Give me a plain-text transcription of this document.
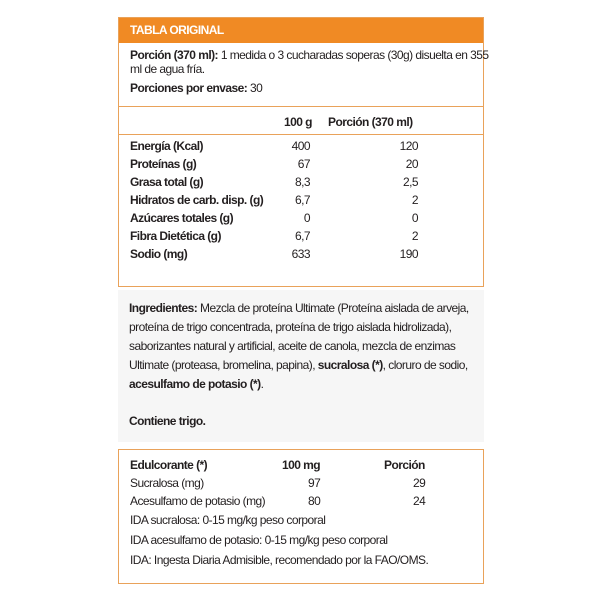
TABLA ORIGINAL
Porción (370 ml): 1 medida o 3 cucharadas soperas (30g) disuelta en 355
ml de agua fría.
Porciones por envase: 30
100 g Porción (370 ml)
Energía (Kcal)	400	120
Proteínas (g)	67	20
Grasa total (g)	8,3	2,5
Hidratos de carb. disp. (g)	6,7	2
Azúcares totales (g)	0	0
Fibra Dietética (g)	6,7	2
Sodio (mg)	633	190
Ingredientes: Mezcla de proteína Ultimate (Proteína aislada de arveja,
proteína de trigo concentrada, proteína de trigo aislada hidrolizada),
saborizantes natural y artificial, aceite de canola, mezcla de enzimas
Ultimate (proteasa, bromelina, papina), sucralosa (*), cloruro de sodio,
acesulfamo de potasio (*).
Contiene trigo.
Edulcorante (*)	100 mg	Porción
Sucralosa (mg)	97	29
Acesulfamo de potasio (mg)	80	24
IDA sucralosa: 0-15 mg/kg peso corporal
IDA acesulfamo de potasio: 0-15 mg/kg peso corporal
IDA: Ingesta Diaria Admisible, recomendado por la FAO/OMS.
